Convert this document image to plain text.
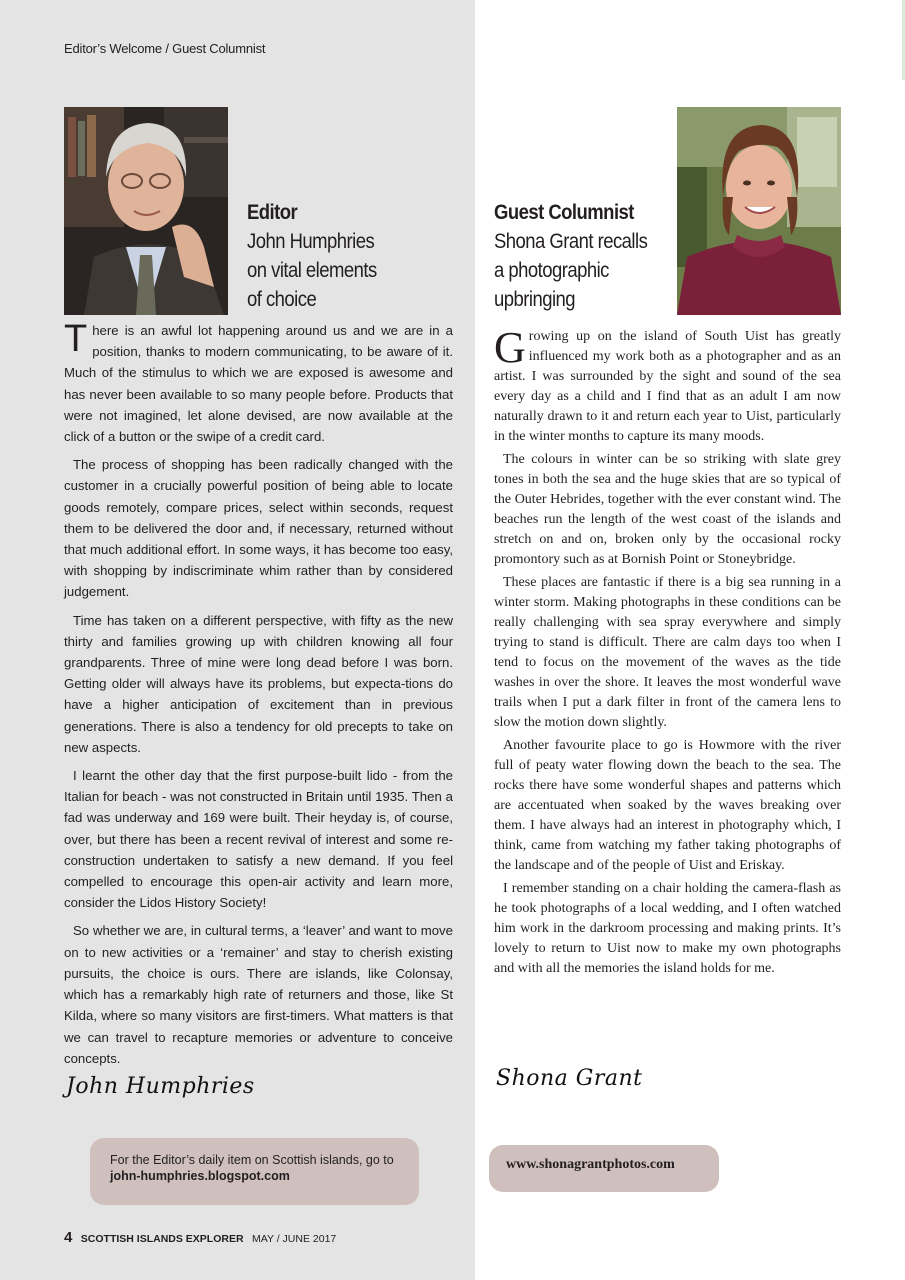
Editor’s Welcome / Guest Columnist
Editor
John Humphries
on vital elements
of choice
Guest Columnist
Shona Grant recalls
a photographic
upbringing

There is an awful lot happening around us and we are in a position, thanks to modern communicating, to be aware of it. Much of the stimulus to which we are exposed is awesome and has never been available to so many people before. Products that were not imagined, let alone devised, are now available at the click of a button or the swipe of a credit card.

The process of shopping has been radically changed with the customer in a crucially powerful position of being able to locate goods remotely, compare prices, select within seconds, request them to be delivered the door and, if necessary, returned without that much additional effort. In some ways, it has become too easy, with shopping by indiscriminate whim rather than by considered judgement.

Time has taken on a different perspective, with fifty as the new thirty and families growing up with children knowing all four grandparents. Three of mine were long dead before I was born. Getting older will always have its problems, but expecta-tions do have a higher anticipation of excitement than in previous generations. There is also a tendency for old precepts to take on new aspects.

I learnt the other day that the first purpose-built lido - from the Italian for beach - was not constructed in Britain until 1935. Then a fad was underway and 169 were built. Their heyday is, of course, over, but there has been a recent revival of interest and some re-construction undertaken to satisfy a new demand. If you feel compelled to encourage this open-air activity and learn more, consider the Lidos History Society!

So whether we are, in cultural terms, a ‘leaver’ and want to move on to new activities or a ‘remainer’ and stay to cherish existing pursuits, the choice is ours. There are islands, like Colonsay, which has a remarkably high rate of returners and those, like St Kilda, where so many visitors are first-timers. What matters is that we can travel to recapture memories or adventure to conceive concepts.

Growing up on the island of South Uist has greatly influenced my work both as a photographer and as an artist. I was surrounded by the sight and sound of the sea every day as a child and I find that as an adult I am now naturally drawn to it and return each year to Uist, particularly in the winter months to capture its many moods.

The colours in winter can be so striking with slate grey tones in both the sea and the huge skies that are so typical of the Outer Hebrides, together with the ever constant wind. The beaches run the length of the west coast of the islands and stretch on and on, broken only by the occasional rocky promontory such as at Bornish Point or Stoneybridge.

These places are fantastic if there is a big sea running in a winter storm. Making photographs in these conditions can be really challenging with sea spray everywhere and simply trying to stand is difficult. There are calm days too when I tend to focus on the movement of the waves as the tide washes in over the shore. It leaves the most wonderful wave trails when I put a dark filter in front of the camera lens to slow the motion down slightly.

Another favourite place to go is Howmore with the river full of peaty water flowing down the beach to the sea. The rocks there have some wonderful shapes and patterns which are accentuated when soaked by the waves breaking over them. I have always had an interest in photography which, I think, came from watching my father taking photographs of the landscape and of the people of Uist and Eriskay.

I remember standing on a chair holding the camera-flash as he took photographs of a local wedding, and I often watched him work in the darkroom processing and making prints. It’s lovely to return to Uist now to make my own photographs and with all the memories the island holds for me.

John Humphries	Shona Grant
For the Editor’s daily item on Scottish islands, go to
john-humphries.blogspot.com
www.shonagrantphotos.com
4 SCOTTISH ISLANDS EXPLORER MAY / JUNE 2017
